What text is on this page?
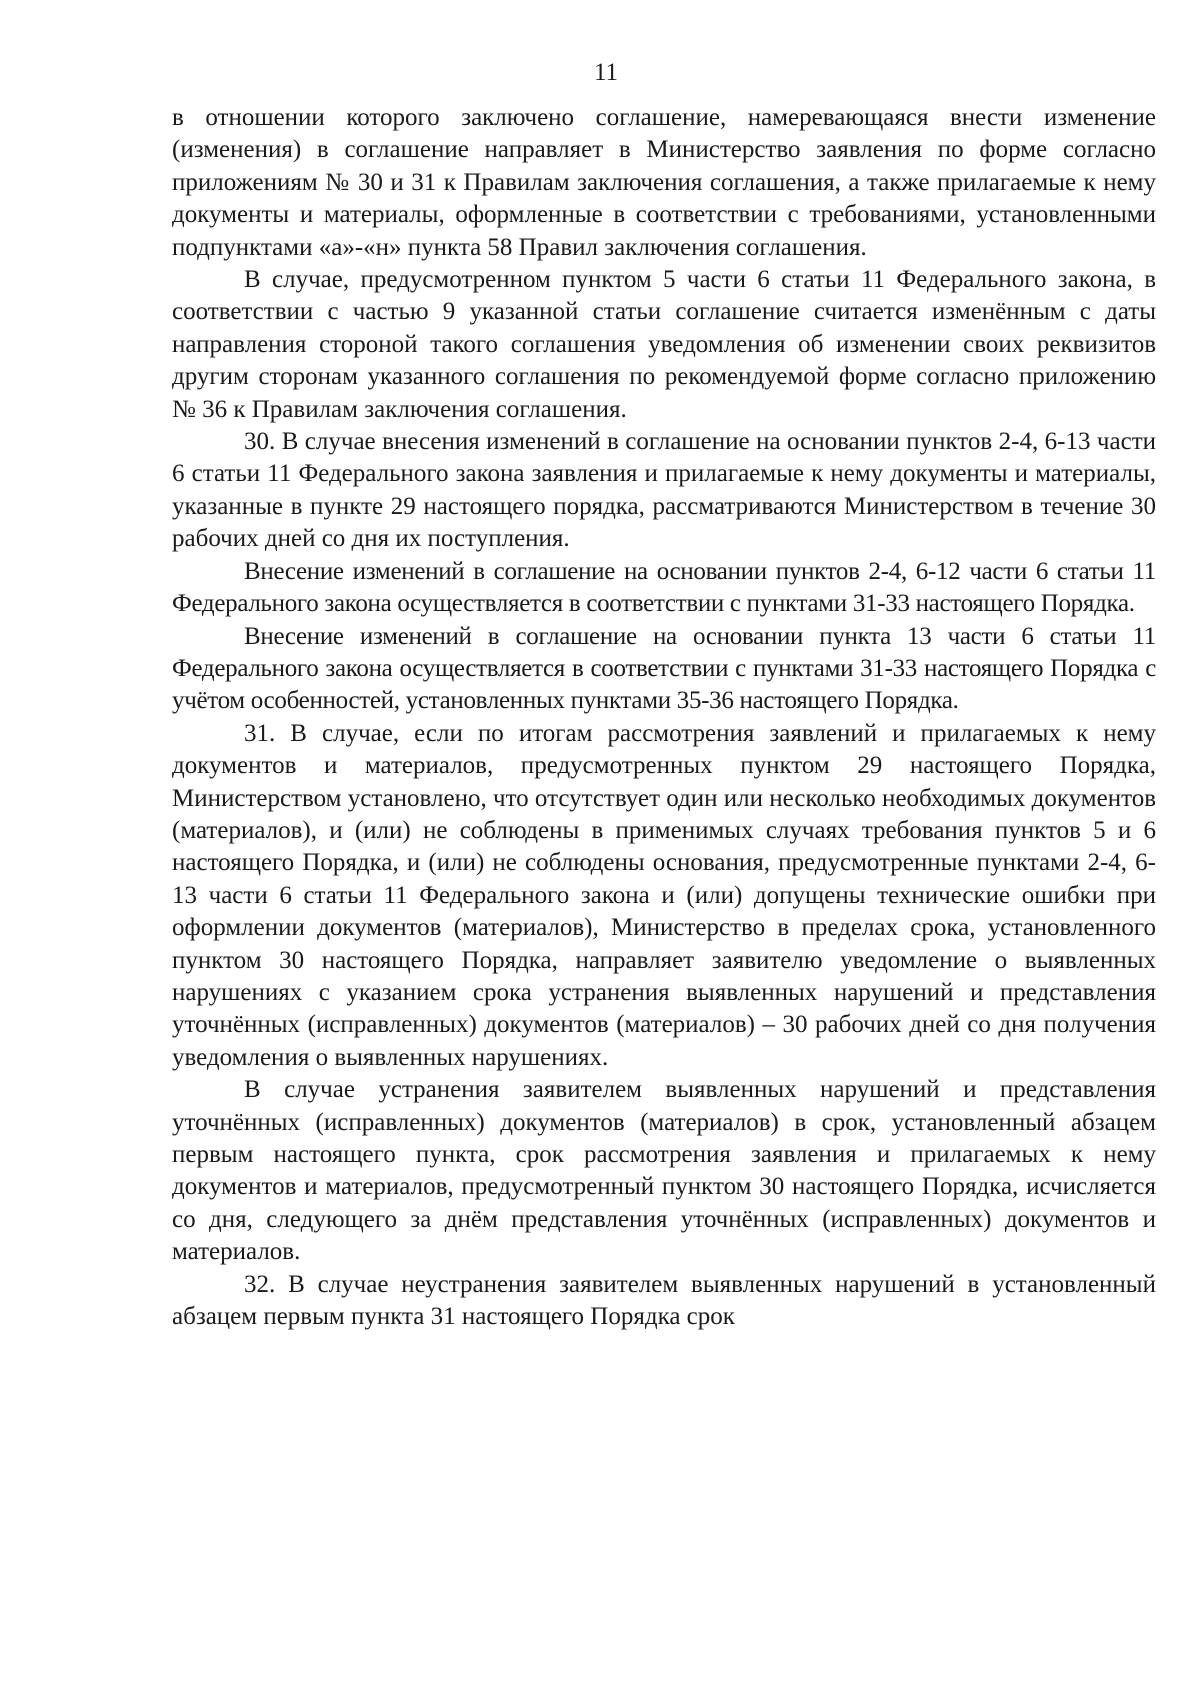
11

в отношении которого заключено соглашение, намеревающаяся внести изменение (изменения) в соглашение направляет в Министерство заявления по форме согласно приложениям № 30 и 31 к Правилам заключения соглашения, а также прилагаемые к нему документы и материалы, оформленные в соответствии с требованиями, установленными подпунктами «а»-«н» пункта 58 Правил заключения соглашения.

В случае, предусмотренном пунктом 5 части 6 статьи 11 Федерального закона, в соответствии с частью 9 указанной статьи соглашение считается изменённым с даты направления стороной такого соглашения уведомления об изменении своих реквизитов другим сторонам указанного соглашения по рекомендуемой форме согласно приложению № 36 к Правилам заключения соглашения.

30. В случае внесения изменений в соглашение на основании пунктов 2-4, 6-13 части 6 статьи 11 Федерального закона заявления и прилагаемые к нему документы и материалы, указанные в пункте 29 настоящего порядка, рассматриваются Министерством в течение 30 рабочих дней со дня их поступления.

Внесение изменений в соглашение на основании пунктов 2-4, 6-12 части 6 статьи 11 Федерального закона осуществляется в соответствии с пунктами 31-33 настоящего Порядка.

Внесение изменений в соглашение на основании пункта 13 части 6 статьи 11 Федерального закона осуществляется в соответствии с пунктами 31-33 настоящего Порядка с учётом особенностей, установленных пунктами 35-36 настоящего Порядка.

31. В случае, если по итогам рассмотрения заявлений и прилагаемых к нему документов и материалов, предусмотренных пунктом 29 настоящего Порядка, Министерством установлено, что отсутствует один или несколько необходимых документов (материалов), и (или) не соблюдены в применимых случаях требования пунктов 5 и 6 настоящего Порядка, и (или) не соблюдены основания, предусмотренные пунктами 2-4, 6-13 части 6 статьи 11 Федерального закона и (или) допущены технические ошибки при оформлении документов (материалов), Министерство в пределах срока, установленного пунктом 30 настоящего Порядка, направляет заявителю уведомление о выявленных нарушениях с указанием срока устранения выявленных нарушений и представления уточнённых (исправленных) документов (материалов) – 30 рабочих дней со дня получения уведомления о выявленных нарушениях.

В случае устранения заявителем выявленных нарушений и представления уточнённых (исправленных) документов (материалов) в срок, установленный абзацем первым настоящего пункта, срок рассмотрения заявления и прилагаемых к нему документов и материалов, предусмотренный пунктом 30 настоящего Порядка, исчисляется со дня, следующего за днём представления уточнённых (исправленных) документов и материалов.

32. В случае неустранения заявителем выявленных нарушений в установленный абзацем первым пункта 31 настоящего Порядка срок
